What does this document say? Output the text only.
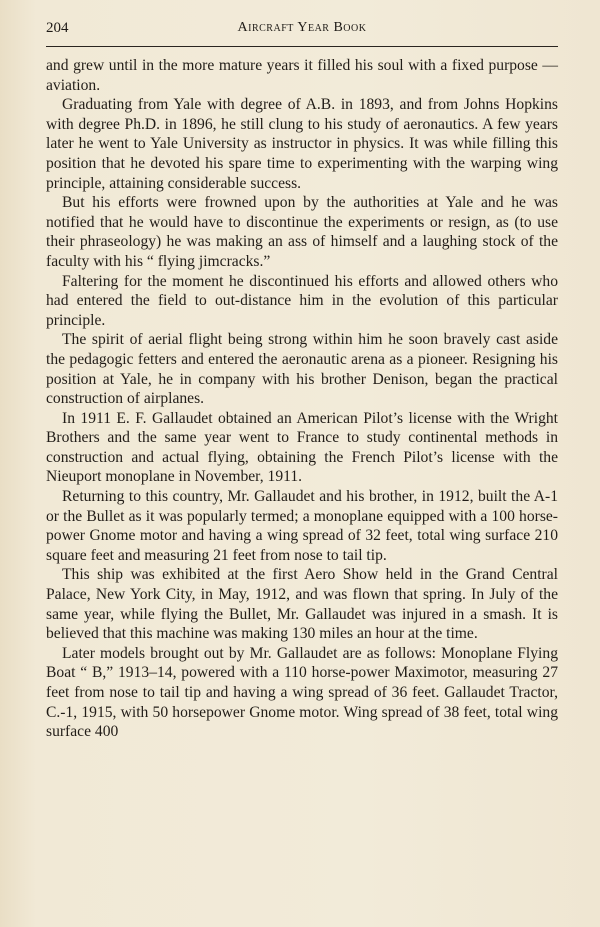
204	Aircraft Year Book

and grew until in the more mature years it filled his soul with a fixed purpose — aviation.

Graduating from Yale with degree of A.B. in 1893, and from Johns Hopkins with degree Ph.D. in 1896, he still clung to his study of aeronautics. A few years later he went to Yale University as instructor in physics. It was while filling this position that he devoted his spare time to experimenting with the warping wing principle, attaining considerable success.

But his efforts were frowned upon by the authorities at Yale and he was notified that he would have to discontinue the experiments or resign, as (to use their phraseology) he was making an ass of himself and a laughing stock of the faculty with his “ flying jimcracks.”

Faltering for the moment he discontinued his efforts and allowed others who had entered the field to out-distance him in the evolution of this particular principle.

The spirit of aerial flight being strong within him he soon bravely cast aside the pedagogic fetters and entered the aeronautic arena as a pioneer. Resigning his position at Yale, he in company with his brother Denison, began the practical construction of airplanes.

In 1911 E. F. Gallaudet obtained an American Pilot’s license with the Wright Brothers and the same year went to France to study continental methods in construction and actual flying, obtaining the French Pilot’s license with the Nieuport monoplane in November, 1911.

Returning to this country, Mr. Gallaudet and his brother, in 1912, built the A-1 or the Bullet as it was popularly termed; a monoplane equipped with a 100 horse-power Gnome motor and having a wing spread of 32 feet, total wing surface 210 square feet and measuring 21 feet from nose to tail tip.

This ship was exhibited at the first Aero Show held in the Grand Central Palace, New York City, in May, 1912, and was flown that spring. In July of the same year, while flying the Bullet, Mr. Gallaudet was injured in a smash. It is believed that this machine was making 130 miles an hour at the time.

Later models brought out by Mr. Gallaudet are as follows: Monoplane Flying Boat “ B,” 1913–14, powered with a 110 horse-power Maximotor, measuring 27 feet from nose to tail tip and having a wing spread of 36 feet. Gallaudet Tractor, C.-1, 1915, with 50 horsepower Gnome motor. Wing spread of 38 feet, total wing surface 400
